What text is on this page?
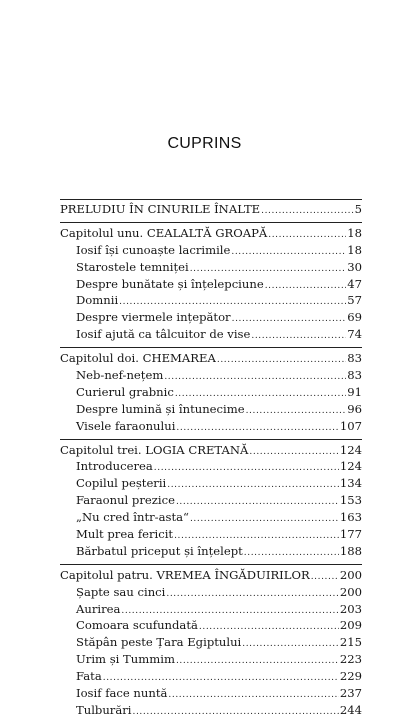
CUPRINS
PRELUDIU ÎN CINURILE ÎNALTE .....	5
Capitolul unu. CEALALTĂ GROAPĂ .....	18
Iosif își cunoaște lacrimile .....	18
Starostele temniței .....	30
Despre bunătate și înțelepciune .....	47
Domnii .....	57
Despre viermele ințepător .....	69
Iosif ajută ca tâlcuitor de vise .....	74
Capitolul doi. CHEMAREA .....	83
Neb-nef-nețem .....	83
Curierul grabnic .....	91
Despre lumină și întunecime .....	96
Visele faraonului .....	107
Capitolul trei. LOGIA CRETANĂ .....	124
Introducerea .....	124
Copilul peșterii .....	134
Faraonul prezice .....	153
„Nu cred într-asta“ .....	163
Mult prea fericit .....	177
Bărbatul priceput și înțelept .....	188
Capitolul patru. VREMEA ÎNGĂDUIRILOR .....	200
Șapte sau cinci .....	200
Aurirea .....	203
Comoara scufundată .....	209
Stăpân peste Țara Egiptului .....	215
Urim și Tummim .....	223
Fata .....	229
Iosif face nuntă .....	237
Tulburări .....	244
